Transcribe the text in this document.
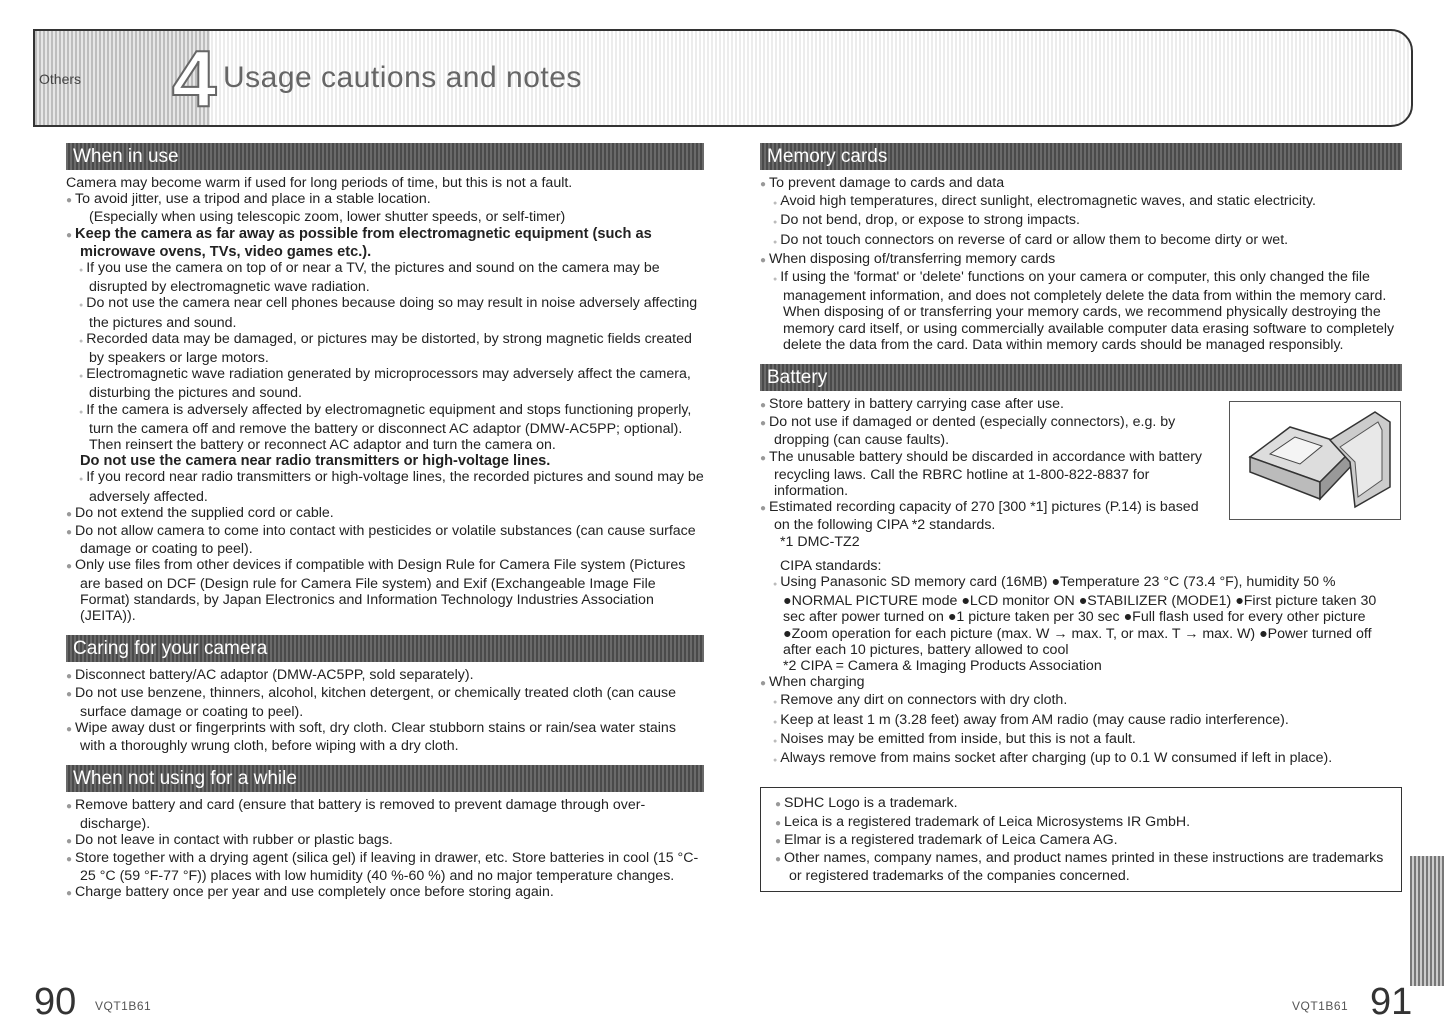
Others 4 Usage cautions and notes
When in use

Camera may become warm if used for long periods of time, but this is not a fault.

● To avoid jitter, use a tripod and place in a stable location.

(Especially when using telescopic zoom, lower shutter speeds, or self-timer)

● Keep the camera as far away as possible from electromagnetic equipment (such as microwave ovens, TVs, video games etc.).

● If you use the camera on top of or near a TV, the pictures and sound on the camera may be disrupted by electromagnetic wave radiation.

● Do not use the camera near cell phones because doing so may result in noise adversely affecting the pictures and sound.

● Recorded data may be damaged, or pictures may be distorted, by strong magnetic fields created by speakers or large motors.

● Electromagnetic wave radiation generated by microprocessors may adversely affect the camera, disturbing the pictures and sound.

● If the camera is adversely affected by electromagnetic equipment and stops functioning properly, turn the camera off and remove the battery or disconnect AC adaptor (DMW-AC5PP; optional). Then reinsert the battery or reconnect AC adaptor and turn the camera on.

Do not use the camera near radio transmitters or high-voltage lines.

● If you record near radio transmitters or high-voltage lines, the recorded pictures and sound may be adversely affected.

● Do not extend the supplied cord or cable.

● Do not allow camera to come into contact with pesticides or volatile substances (can cause surface damage or coating to peel).

● Only use files from other devices if compatible with Design Rule for Camera File system (Pictures are based on DCF (Design rule for Camera File system) and Exif (Exchangeable Image File Format) standards, by Japan Electronics and Information Technology Industries Association (JEITA)).

Caring for your camera

● Disconnect battery/AC adaptor (DMW-AC5PP, sold separately).

● Do not use benzene, thinners, alcohol, kitchen detergent, or chemically treated cloth (can cause surface damage or coating to peel).

● Wipe away dust or fingerprints with soft, dry cloth. Clear stubborn stains or rain/sea water stains with a thoroughly wrung cloth, before wiping with a dry cloth.

When not using for a while

● Remove battery and card (ensure that battery is removed to prevent damage through over-discharge).

● Do not leave in contact with rubber or plastic bags.

● Store together with a drying agent (silica gel) if leaving in drawer, etc. Store batteries in cool (15 °C-25 °C (59 °F-77 °F)) places with low humidity (40 %-60 %) and no major temperature changes.

● Charge battery once per year and use completely once before storing again.

Memory cards

● To prevent damage to cards and data

● Avoid high temperatures, direct sunlight, electromagnetic waves, and static electricity.

● Do not bend, drop, or expose to strong impacts.

● Do not touch connectors on reverse of card or allow them to become dirty or wet.

● When disposing of/transferring memory cards

● If using the 'format' or 'delete' functions on your camera or computer, this only changed the file management information, and does not completely delete the data from within the memory card. When disposing of or transferring your memory cards, we recommend physically destroying the memory card itself, or using commercially available computer data erasing software to completely delete the data from the card. Data within memory cards should be managed responsibly.

Battery

● Store battery in battery carrying case after use.

● Do not use if damaged or dented (especially connectors), e.g. by dropping (can cause faults).

● The unusable battery should be discarded in accordance with battery recycling laws. Call the RBRC hotline at 1-800-822-8837 for information.

● Estimated recording capacity of 270 [300 *1] pictures (P.14) is based on the following CIPA *2 standards.

*1 DMC-TZ2

CIPA standards:

● Using Panasonic SD memory card (16MB) ●Temperature 23 °C (73.4 °F), humidity 50 % ●NORMAL PICTURE mode ●LCD monitor ON ●STABILIZER (MODE1) ●First picture taken 30 sec after power turned on ●1 picture taken per 30 sec ●Full flash used for every other picture ●Zoom operation for each picture (max. W → max. T, or max. T → max. W) ●Power turned off after each 10 pictures, battery allowed to cool

*2 CIPA = Camera & Imaging Products Association

● When charging

● Remove any dirt on connectors with dry cloth.

● Keep at least 1 m (3.28 feet) away from AM radio (may cause radio interference).

● Noises may be emitted from inside, but this is not a fault.

● Always remove from mains socket after charging (up to 0.1 W consumed if left in place).

● SDHC Logo is a trademark.

● Leica is a registered trademark of Leica Microsystems IR GmbH.

● Elmar is a registered trademark of Leica Camera AG.

● Other names, company names, and product names printed in these instructions are trademarks or registered trademarks of the companies concerned.

90 VQT1B61	VQT1B61 91
